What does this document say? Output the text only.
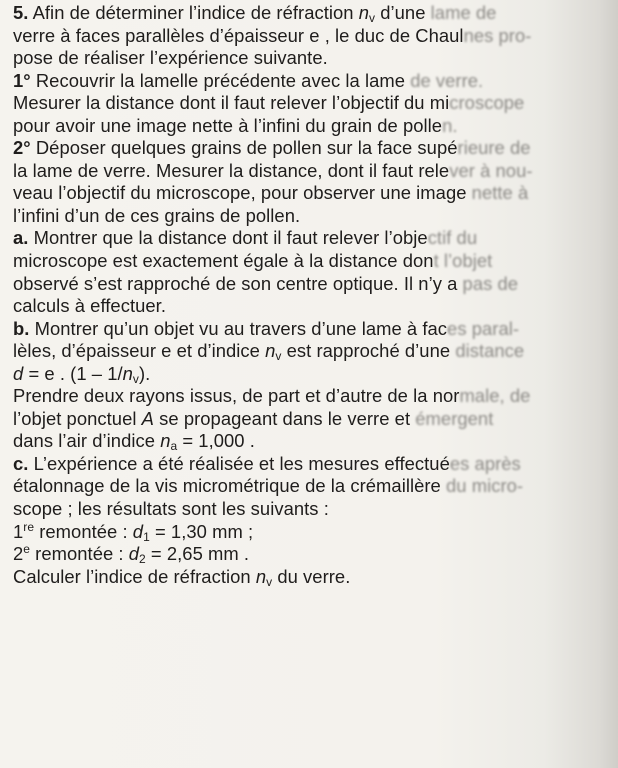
5. Afin de déterminer l’indice de réfraction $n_v$ d’une lame de
verre à faces parallèles d’épaisseur e , le duc de Chaulnes pro-
pose de réaliser l’expérience suivante.
1° Recouvrir la lamelle précédente avec la lame de verre.
Mesurer la distance dont il faut relever l’objectif du microscope
pour avoir une image nette à l’infini du grain de pollen.
2° Déposer quelques grains de pollen sur la face supérieure de
la lame de verre. Mesurer la distance, dont il faut relever à nou-
veau l’objectif du microscope, pour observer une image nette à
l’infini d’un de ces grains de pollen.
a. Montrer que la distance dont il faut relever l’objectif du
microscope est exactement égale à la distance dont l’objet
observé s’est rapproché de son centre optique. Il n’y a pas de
calculs à effectuer.
b. Montrer qu’un objet vu au travers d’une lame à faces paral-
lèles, d’épaisseur e et d’indice $n_v$ est rapproché d’une distance
d = e . $(1 - 1/n_v)$.
Prendre deux rayons issus, de part et d’autre de la normale, de
l’objet ponctuel A se propageant dans le verre et émergent
dans l’air d’indice $n_a = 1,000$ .
c. L’expérience a été réalisée et les mesures effectuées après
étalonnage de la vis micrométrique de la crémaillère du micro-
scope ; les résultats sont les suivants :
1re remontée : $d_1 = 1,30$ mm ;
2e remontée : $d_2 = 2,65$ mm .
Calculer l’indice de réfraction $n_v$ du verre.
